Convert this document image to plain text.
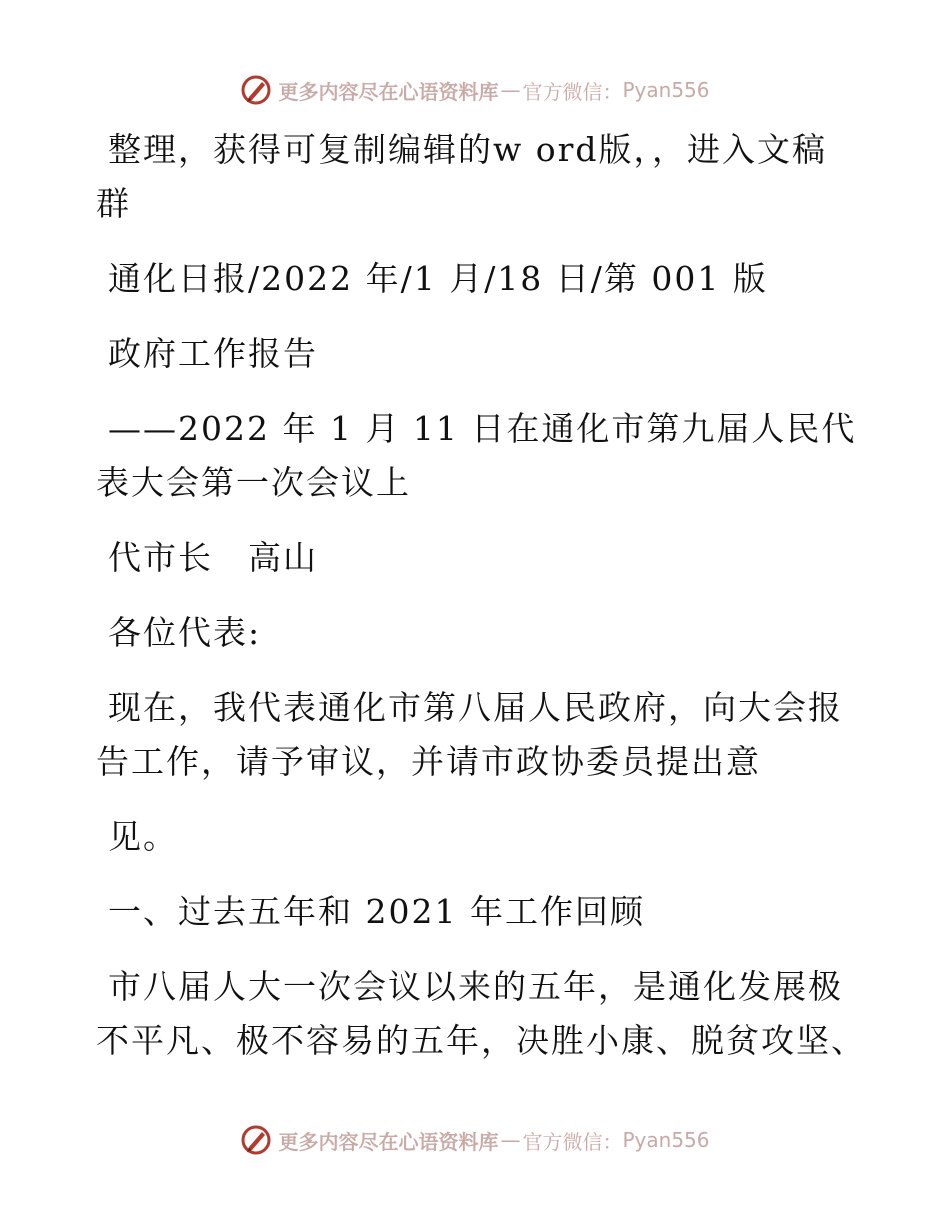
更多内容尽在心语资料库 — 官方微信： Pyan556
整理，获得可复制编辑的w ord版，，进入文稿
群
通化日报/2022 年/1 月/18 日/第 001 版
政府工作报告
——2022 年 1 月 11 日在通化市第九届人民代
表大会第一次会议上
代市长　高山
各位代表:
现在，我代表通化市第八届人民政府，向大会报
告工作，请予审议，并请市政协委员提出意
见。
一、过去五年和 2021 年工作回顾
市八届人大一次会议以来的五年，是通化发展极
不平凡、极不容易的五年，决胜小康、脱贫攻坚、
更多内容尽在心语资料库 — 官方微信： Pyan556
